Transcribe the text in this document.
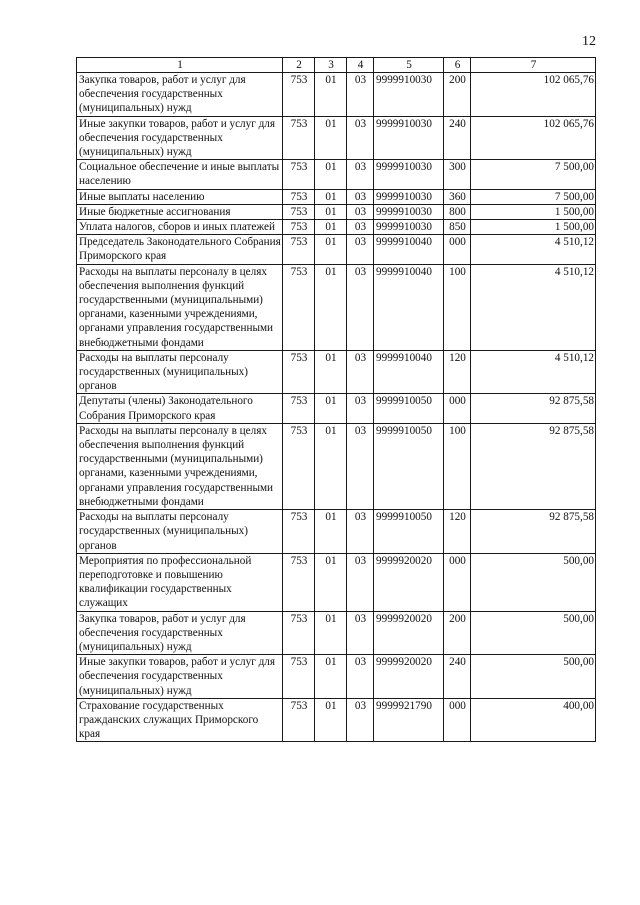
12
1	2	3	4	5	6	7
Закупка товаров, работ и услуг для обеспечения государственных (муниципальных) нужд	753	01	03	9999910030	200	102 065,76
Иные закупки товаров, работ и услуг для обеспечения государственных (муниципальных) нужд	753	01	03	9999910030	240	102 065,76
Социальное обеспечение и иные выплаты населению	753	01	03	9999910030	300	7 500,00
Иные выплаты населению	753	01	03	9999910030	360	7 500,00
Иные бюджетные ассигнования	753	01	03	9999910030	800	1 500,00
Уплата налогов, сборов и иных платежей	753	01	03	9999910030	850	1 500,00
Председатель Законодательного Собрания Приморского края	753	01	03	9999910040	000	4 510,12
Расходы на выплаты персоналу в целях обеспечения выполнения функций государственными (муниципальными) органами, казенными учреждениями, органами управления государственными внебюджетными фондами	753	01	03	9999910040	100	4 510,12
Расходы на выплаты персоналу государственных (муниципальных) органов	753	01	03	9999910040	120	4 510,12
Депутаты (члены) Законодательного Собрания Приморского края	753	01	03	9999910050	000	92 875,58
Расходы на выплаты персоналу в целях обеспечения выполнения функций государственными (муниципальными) органами, казенными учреждениями, органами управления государственными внебюджетными фондами	753	01	03	9999910050	100	92 875,58
Расходы на выплаты персоналу государственных (муниципальных) органов	753	01	03	9999910050	120	92 875,58
Мероприятия по профессиональной переподготовке и повышению квалификации государственных служащих	753	01	03	9999920020	000	500,00
Закупка товаров, работ и услуг для обеспечения государственных (муниципальных) нужд	753	01	03	9999920020	200	500,00
Иные закупки товаров, работ и услуг для обеспечения государственных (муниципальных) нужд	753	01	03	9999920020	240	500,00
Страхование государственных гражданских служащих Приморского края	753	01	03	9999921790	000	400,00
